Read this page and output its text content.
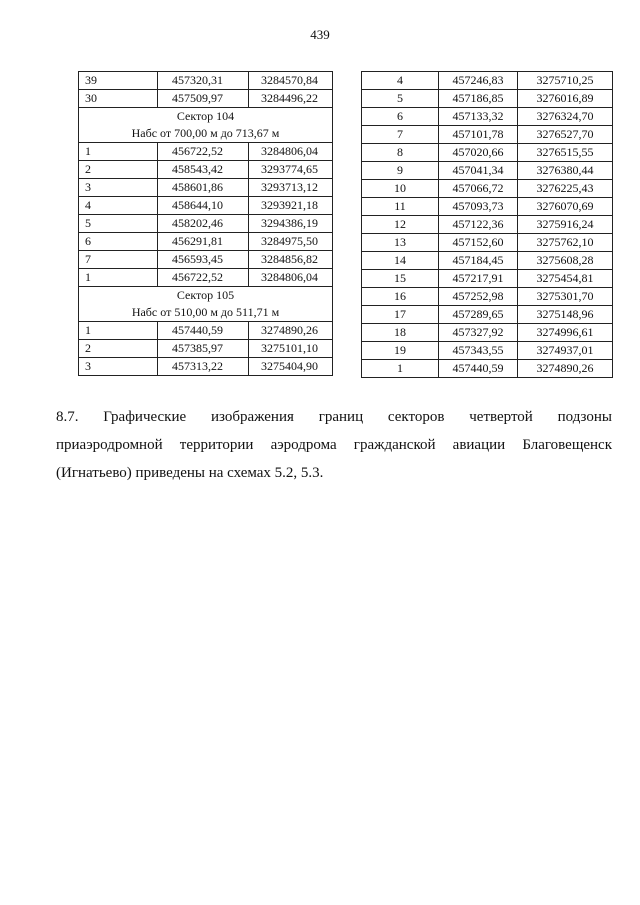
439
39	457320,31	3284570,84
30	457509,97	3284496,22

Сектор 104
Набс от 700,00 м до 713,67 м		

1	456722,52	3284806,04
2	458543,42	3293774,65
3	458601,86	3293713,12
4	458644,10	3293921,18
5	458202,46	3294386,19
6	456291,81	3284975,50
7	456593,45	3284856,82
1	456722,52	3284806,04

Сектор 105
Набс от 510,00 м до 511,71 м		

1	457440,59	3274890,26
2	457385,97	3275101,10
3	457313,22	3275404,90
4	457246,83	3275710,25
5	457186,85	3276016,89
6	457133,32	3276324,70
7	457101,78	3276527,70
8	457020,66	3276515,55
9	457041,34	3276380,44
10	457066,72	3276225,43
11	457093,73	3276070,69
12	457122,36	3275916,24
13	457152,60	3275762,10
14	457184,45	3275608,28
15	457217,91	3275454,81
16	457252,98	3275301,70
17	457289,65	3275148,96
18	457327,92	3274996,61
19	457343,55	3274937,01
1	457440,59	3274890,26
8.7. Графические изображения границ секторов четвертой подзоны
приаэродромной территории аэродрома гражданской авиации Благовещенск
(Игнатьево) приведены на схемах 5.2, 5.3.
